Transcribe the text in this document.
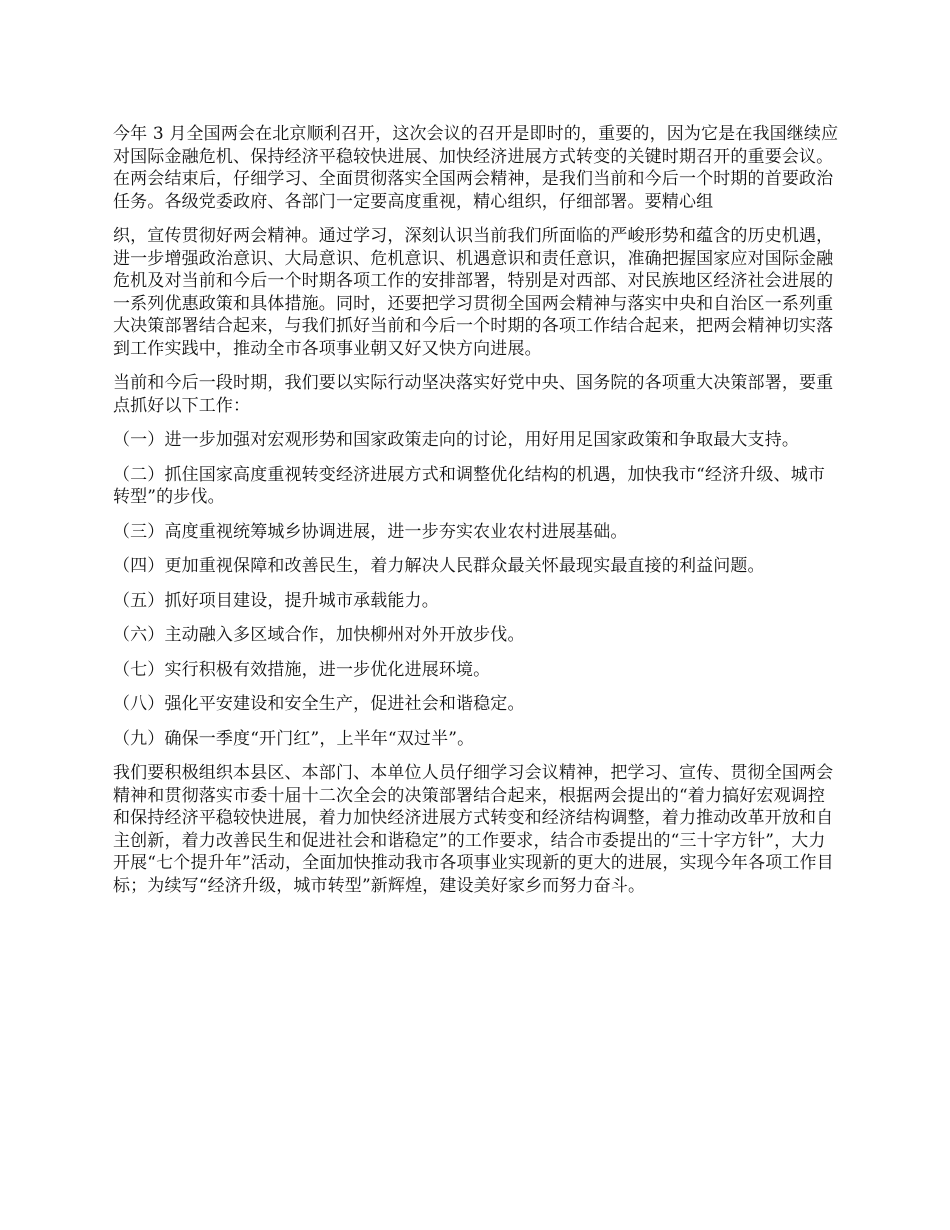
今年 3 月全国两会在北京顺利召开，这次会议的召开是即时的，重要的，因为它是在我国继续应对国际金融危机、保持经济平稳较快进展、加快经济进展方式转变的关键时期召开的重要会议。在两会结束后，仔细学习、全面贯彻落实全国两会精神，是我们当前和今后一个时期的首要政治任务。各级党委政府、各部门一定要高度重视，精心组织，仔细部署。要精心组

织，宣传贯彻好两会精神。通过学习，深刻认识当前我们所面临的严峻形势和蕴含的历史机遇，进一步增强政治意识、大局意识、危机意识、机遇意识和责任意识，准确把握国家应对国际金融危机及对当前和今后一个时期各项工作的安排部署，特别是对西部、对民族地区经济社会进展的一系列优惠政策和具体措施。同时，还要把学习贯彻全国两会精神与落实中央和自治区一系列重大决策部署结合起来，与我们抓好当前和今后一个时期的各项工作结合起来，把两会精神切实落到工作实践中，推动全市各项事业朝又好又快方向进展。

当前和今后一段时期，我们要以实际行动坚决落实好党中央、国务院的各项重大决策部署，要重点抓好以下工作：

（一）进一步加强对宏观形势和国家政策走向的讨论，用好用足国家政策和争取最大支持。

（二）抓住国家高度重视转变经济进展方式和调整优化结构的机遇，加快我市“经济升级、城市转型”的步伐。

（三）高度重视统筹城乡协调进展，进一步夯实农业农村进展基础。

（四）更加重视保障和改善民生，着力解决人民群众最关怀最现实最直接的利益问题。

（五）抓好项目建设，提升城市承载能力。

（六）主动融入多区域合作，加快柳州对外开放步伐。

（七）实行积极有效措施，进一步优化进展环境。

（八）强化平安建设和安全生产，促进社会和谐稳定。

（九）确保一季度“开门红”，上半年“双过半”。

我们要积极组织本县区、本部门、本单位人员仔细学习会议精神，把学习、宣传、贯彻全国两会精神和贯彻落实市委十届十二次全会的决策部署结合起来，根据两会提出的“着力搞好宏观调控和保持经济平稳较快进展，着力加快经济进展方式转变和经济结构调整，着力推动改革开放和自主创新，着力改善民生和促进社会和谐稳定”的工作要求，结合市委提出的“三十字方针”，大力开展“七个提升年”活动，全面加快推动我市各项事业实现新的更大的进展，实现今年各项工作目标；为续写“经济升级，城市转型”新辉煌，建设美好家乡而努力奋斗。
